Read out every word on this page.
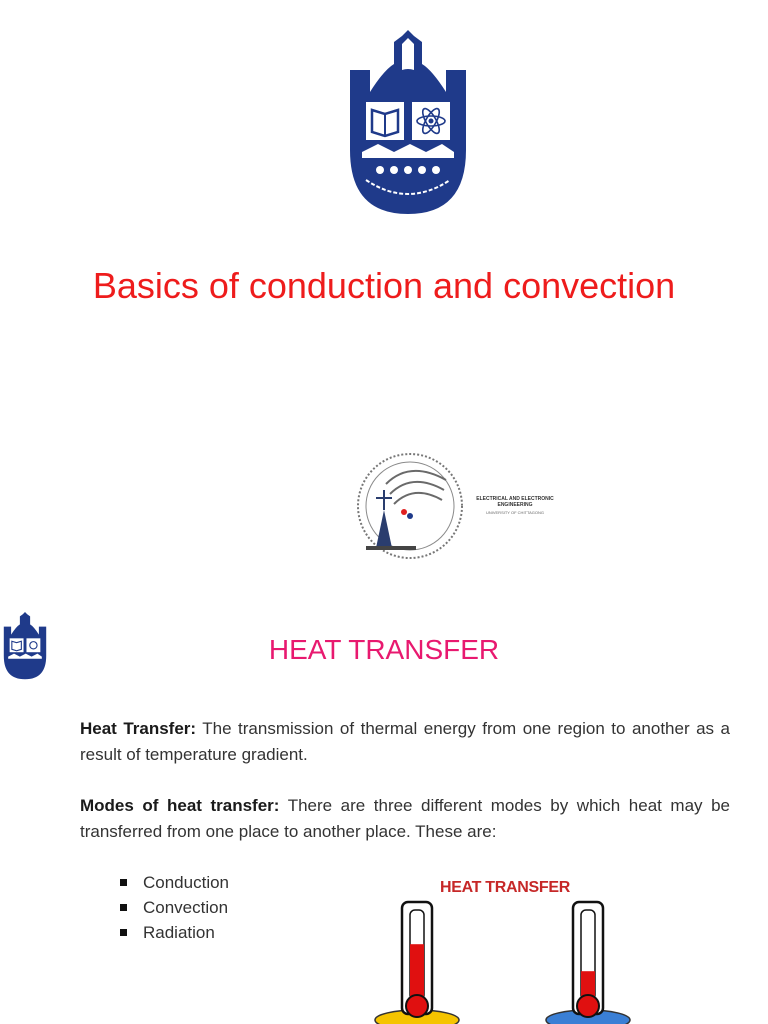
Basics of conduction and convection
ELECTRICAL AND ELECTRONIC
ENGINEERING
UNIVERSITY OF CHITTAGONG
HEAT TRANSFER

Heat Transfer: The transmission of thermal energy from one region to another as a result of temperature gradient.

Modes of heat transfer: There are three different modes by which heat may be transferred from one place to another place. These are:

Conduction
Convection
Radiation
HEAT TRANSFER
